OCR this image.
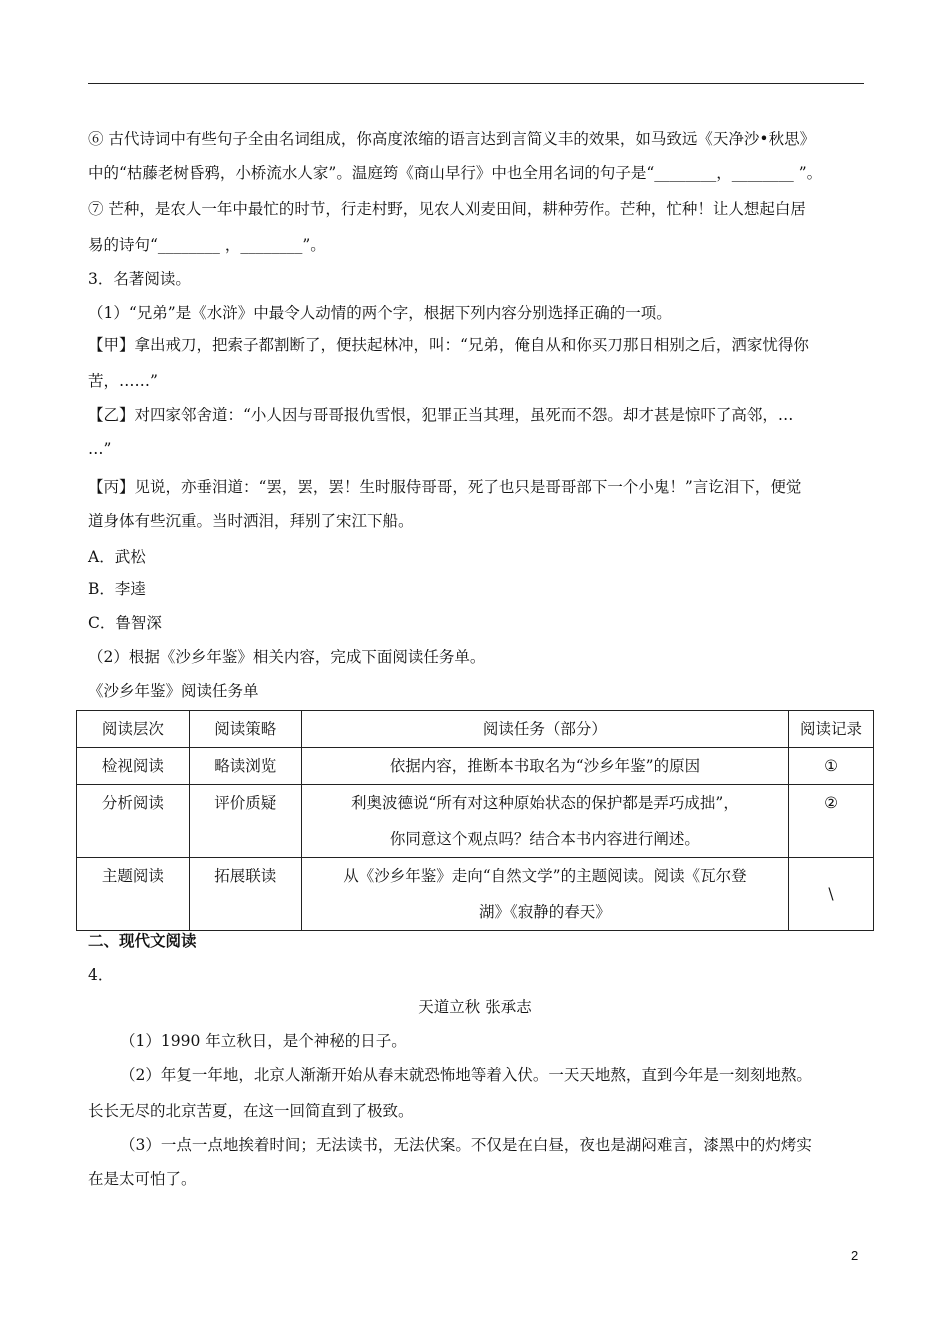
⑥ 古代诗词中有些句子全由名词组成，你高度浓缩的语言达到言简义丰的效果，如马致远《天净沙•秋思》
中的“枯藤老树昏鸦，小桥流水人家”。温庭筠《商山早行》中也全用名词的句子是“________，________ ”。
⑦ 芒种，是农人一年中最忙的时节，行走村野，见农人刈麦田间，耕种劳作。芒种，忙种！让人想起白居
易的诗句“________ ，________”。
3．名著阅读。
（1）“兄弟”是《水浒》中最令人动情的两个字，根据下列内容分别选择正确的一项。
【甲】拿出戒刀，把索子都割断了，便扶起林冲，叫：“兄弟，俺自从和你买刀那日相别之后，洒家忧得你
苦，……”
【乙】对四家邻舍道：“小人因与哥哥报仇雪恨，犯罪正当其理，虽死而不怨。却才甚是惊吓了高邻，…
…”
【丙】见说，亦垂泪道：“罢，罢，罢！生时服侍哥哥，死了也只是哥哥部下一个小鬼！”言讫泪下，便觉
道身体有些沉重。当时洒泪，拜别了宋江下船。
A．武松
B．李逵
C．鲁智深
（2）根据《沙乡年鉴》相关内容，完成下面阅读任务单。
《沙乡年鉴》阅读任务单
阅读层次	阅读策略	阅读任务（部分）	阅读记录
检视阅读	略读浏览	依据内容，推断本书取名为“沙乡年鉴”的原因	①
分析阅读	评价质疑	利奥波德说“所有对这种原始状态的保护都是弄巧成拙”，
你同意这个观点吗？结合本书内容进行阐述。	②
主题阅读	拓展联读	从《沙乡年鉴》走向“自然文学”的主题阅读。阅读《瓦尔登
湖》《寂静的春天》	\
二、现代文阅读
4．
天道立秋 张承志
（1）1990 年立秋日，是个神秘的日子。
（2）年复一年地，北京人渐渐开始从春末就恐怖地等着入伏。一天天地熬，直到今年是一刻刻地熬。
长长无尽的北京苦夏，在这一回简直到了极致。
（3）一点一点地挨着时间；无法读书，无法伏案。不仅是在白昼，夜也是湖闷难言，漆黑中的灼烤实
在是太可怕了。
2
